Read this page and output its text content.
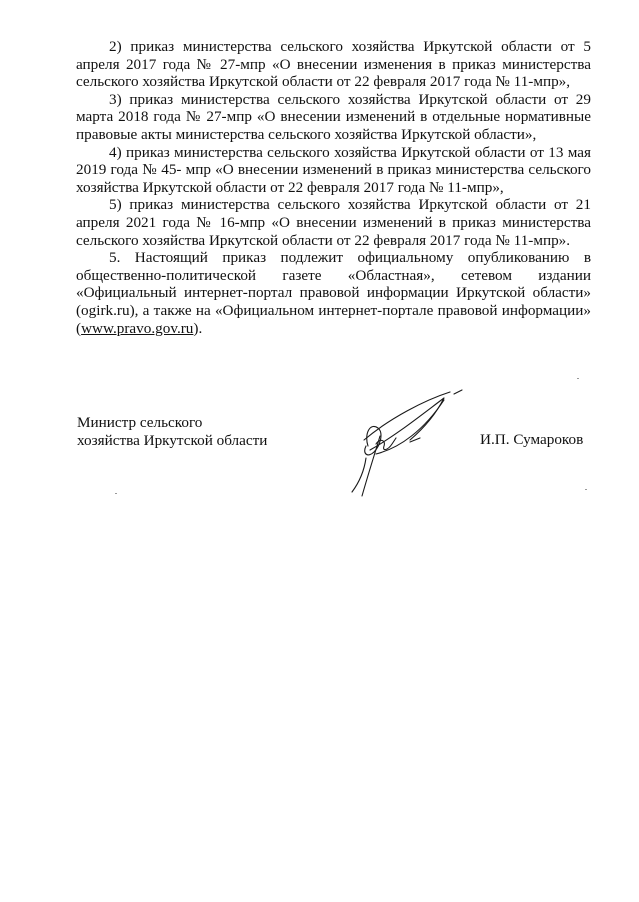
2) приказ министерства сельского хозяйства Иркутской области от 5 апреля 2017 года № 27-мпр «О внесении изменения в приказ министерства сельского хозяйства Иркутской области от 22 февраля 2017 года № 11-мпр»,

3) приказ министерства сельского хозяйства Иркутской области от 29 марта 2018 года № 27-мпр «О внесении изменений в отдельные нормативные правовые акты министерства сельского хозяйства Иркутской области»,

4) приказ министерства сельского хозяйства Иркутской области от 13 мая 2019 года № 45- мпр «О внесении изменений в приказ министерства сельского хозяйства Иркутской области от 22 февраля 2017 года № 11-мпр»,

5) приказ министерства сельского хозяйства Иркутской области от 21 апреля 2021 года № 16-мпр «О внесении изменений в приказ министерства сельского хозяйства Иркутской области от 22 февраля 2017 года № 11-мпр».

5. Настоящий приказ подлежит официальному опубликованию в общественно-политической газете «Областная», сетевом издании «Официальный интернет-портал правовой информации Иркутской области» (ogirk.ru), а также на «Официальном интернет-портале правовой информации» (www.pravo.gov.ru).

Министр сельского
хозяйства Иркутской области	И.П. Сумароков
